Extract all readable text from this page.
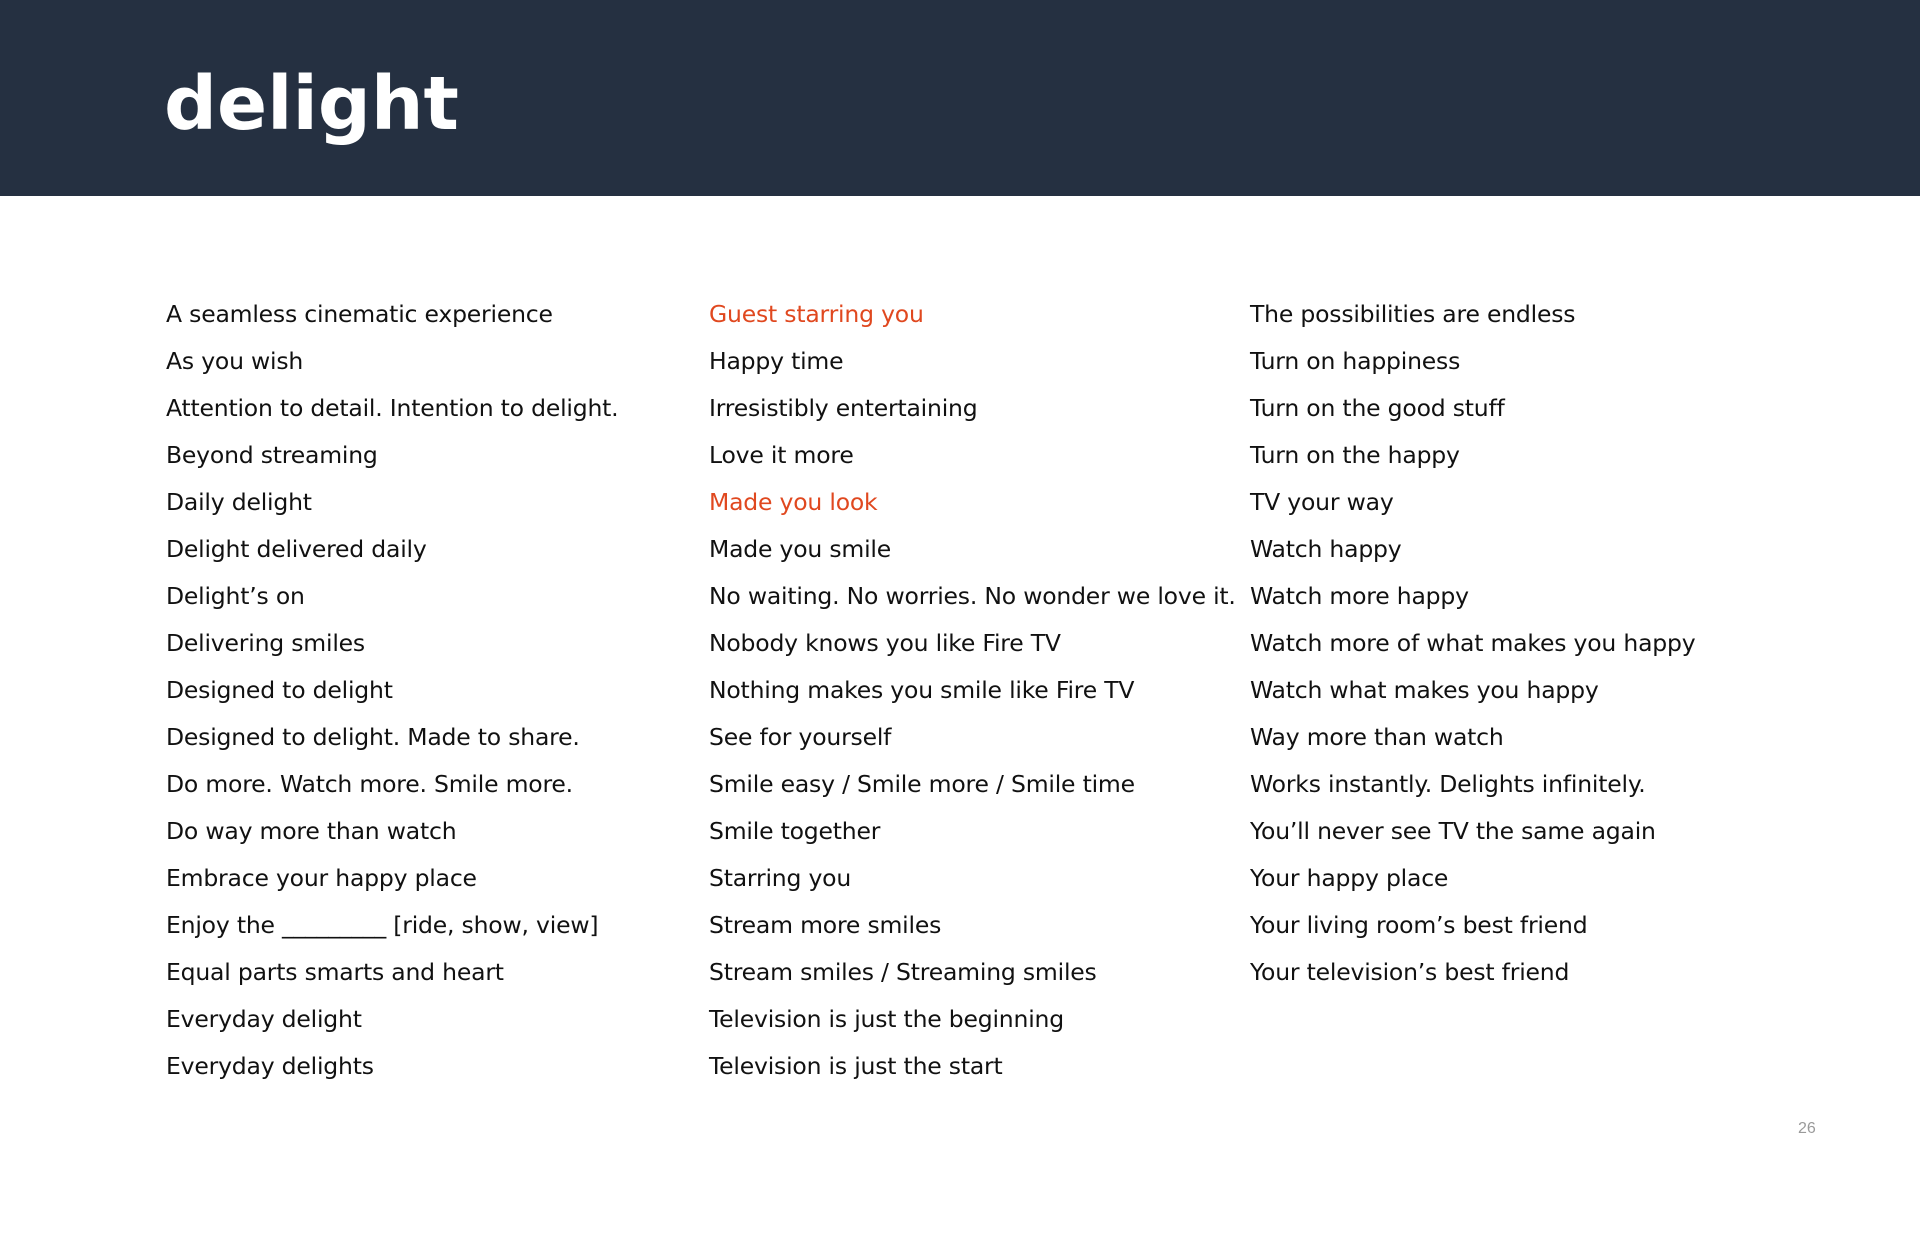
delight
A seamless cinematic experience
As you wish
Attention to detail. Intention to delight.
Beyond streaming
Daily delight
Delight delivered daily
Delight’s on
Delivering smiles
Designed to delight
Designed to delight. Made to share.
Do more. Watch more. Smile more.
Do way more than watch
Embrace your happy place
Enjoy the _________ [ride, show, view]
Equal parts smarts and heart
Everyday delight
Everyday delights
Guest starring you
Happy time
Irresistibly entertaining
Love it more
Made you look
Made you smile
No waiting. No worries. No wonder we love it.
Nobody knows you like Fire TV
Nothing makes you smile like Fire TV
See for yourself
Smile easy / Smile more / Smile time
Smile together
Starring you
Stream more smiles
Stream smiles / Streaming smiles
Television is just the beginning
Television is just the start
The possibilities are endless
Turn on happiness
Turn on the good stuff
Turn on the happy
TV your way
Watch happy
Watch more happy
Watch more of what makes you happy
Watch what makes you happy
Way more than watch
Works instantly. Delights infinitely.
You’ll never see TV the same again
Your happy place
Your living room’s best friend
Your television’s best friend
26
